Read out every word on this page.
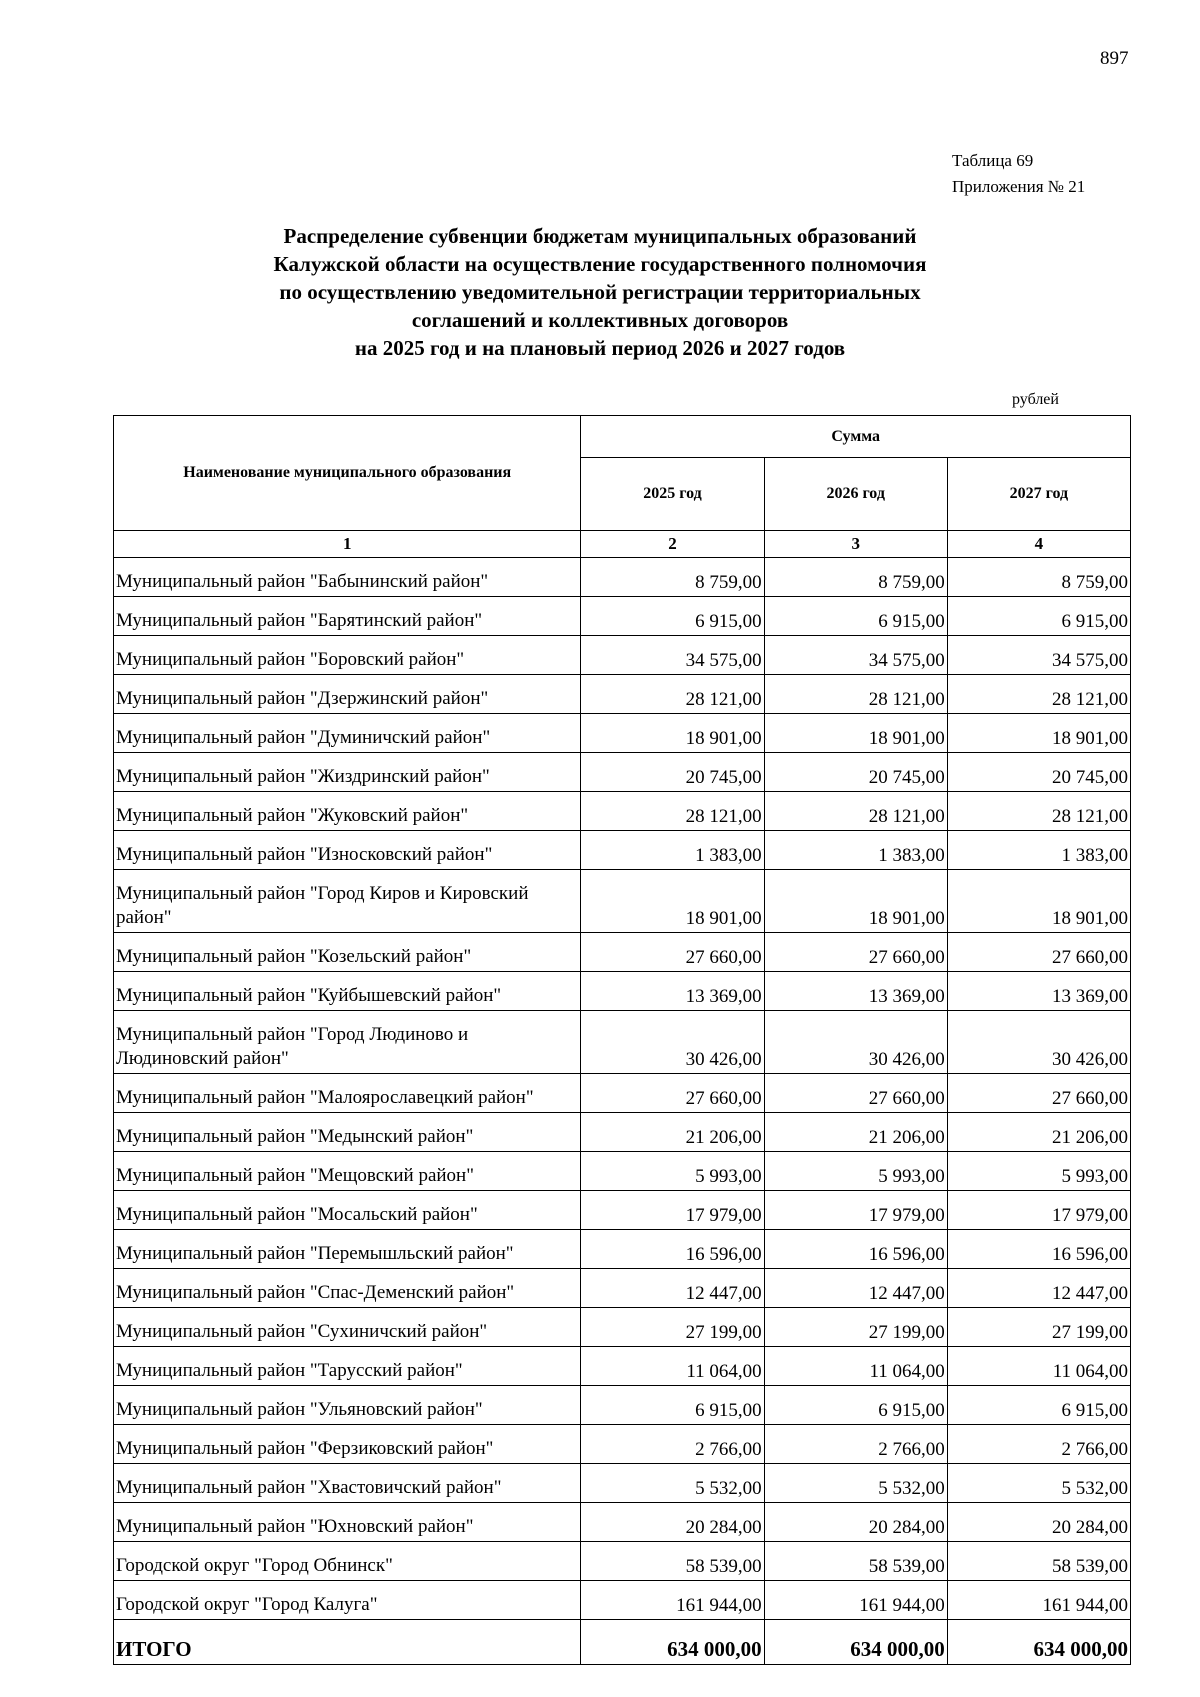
897
Таблица 69
Приложения № 21
Распределение субвенции бюджетам муниципальных образований
Калужской области на осуществление государственного полномочия
по осуществлению уведомительной регистрации территориальных
соглашений и коллективных договоров
на 2025 год и на плановый период 2026 и 2027 годов
рублей
Наименование муниципального образования	Сумма		
	2025 год	2026 год	2027 год
1	2	3	4
Муниципальный район "Бабынинский район"	8 759,00	8 759,00	8 759,00
Муниципальный район "Барятинский район"	6 915,00	6 915,00	6 915,00
Муниципальный район "Боровский район"	34 575,00	34 575,00	34 575,00
Муниципальный район "Дзержинский район"	28 121,00	28 121,00	28 121,00
Муниципальный район "Думиничский район"	18 901,00	18 901,00	18 901,00
Муниципальный район "Жиздринский район"	20 745,00	20 745,00	20 745,00
Муниципальный район "Жуковский район"	28 121,00	28 121,00	28 121,00
Муниципальный район "Износковский район"	1 383,00	1 383,00	1 383,00
Муниципальный район "Город Киров и Кировский район"	18 901,00	18 901,00	18 901,00
Муниципальный район "Козельский район"	27 660,00	27 660,00	27 660,00
Муниципальный район "Куйбышевский район"	13 369,00	13 369,00	13 369,00
Муниципальный район "Город Людиново и Людиновский район"	30 426,00	30 426,00	30 426,00
Муниципальный район "Малоярославецкий район"	27 660,00	27 660,00	27 660,00
Муниципальный район "Медынский район"	21 206,00	21 206,00	21 206,00
Муниципальный район "Мещовский район"	5 993,00	5 993,00	5 993,00
Муниципальный район "Мосальский район"	17 979,00	17 979,00	17 979,00
Муниципальный район "Перемышльский район"	16 596,00	16 596,00	16 596,00
Муниципальный район "Спас-Деменский район"	12 447,00	12 447,00	12 447,00
Муниципальный район "Сухиничский район"	27 199,00	27 199,00	27 199,00
Муниципальный район "Тарусский район"	11 064,00	11 064,00	11 064,00
Муниципальный район "Ульяновский район"	6 915,00	6 915,00	6 915,00
Муниципальный район "Ферзиковский район"	2 766,00	2 766,00	2 766,00
Муниципальный район "Хвастовичский район"	5 532,00	5 532,00	5 532,00
Муниципальный район "Юхновский район"	20 284,00	20 284,00	20 284,00
Городской округ "Город Обнинск"	58 539,00	58 539,00	58 539,00
Городской округ "Город Калуга"	161 944,00	161 944,00	161 944,00
ИТОГО	634 000,00	634 000,00	634 000,00
